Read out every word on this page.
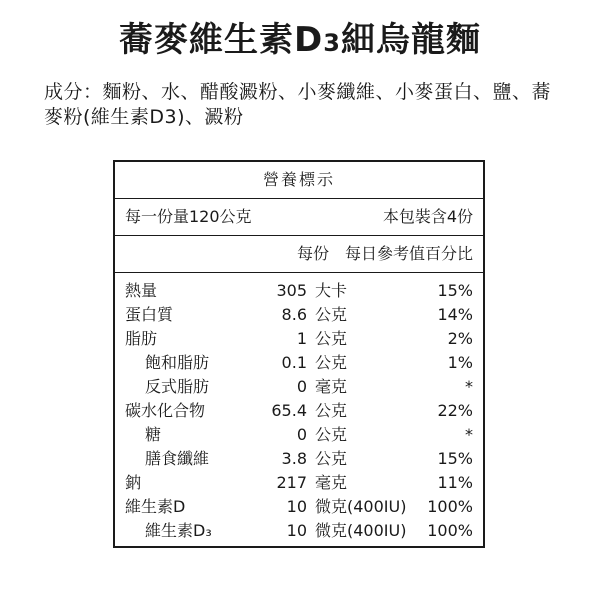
蕎麥維生素D3細烏龍麵
成分：麵粉、水、醋酸澱粉、小麥纖維、小麥蛋白、鹽、蕎麥粉(維生素D3)、澱粉
營養標示
每一份量120公克	本包裝含4份
每份 每日參考值百分比
熱量	305 大卡	15%
蛋白質	8.6 公克	14%
脂肪	1 公克	2%
飽和脂肪	0.1 公克	1%
反式脂肪	0 毫克	*
碳水化合物	65.4 公克	22%
糖	0 公克	*
膳食纖維	3.8 公克	15%
鈉	217 毫克	11%
維生素D	10 微克(400IU) 100%
維生素D₃	10 微克(400IU) 100%
